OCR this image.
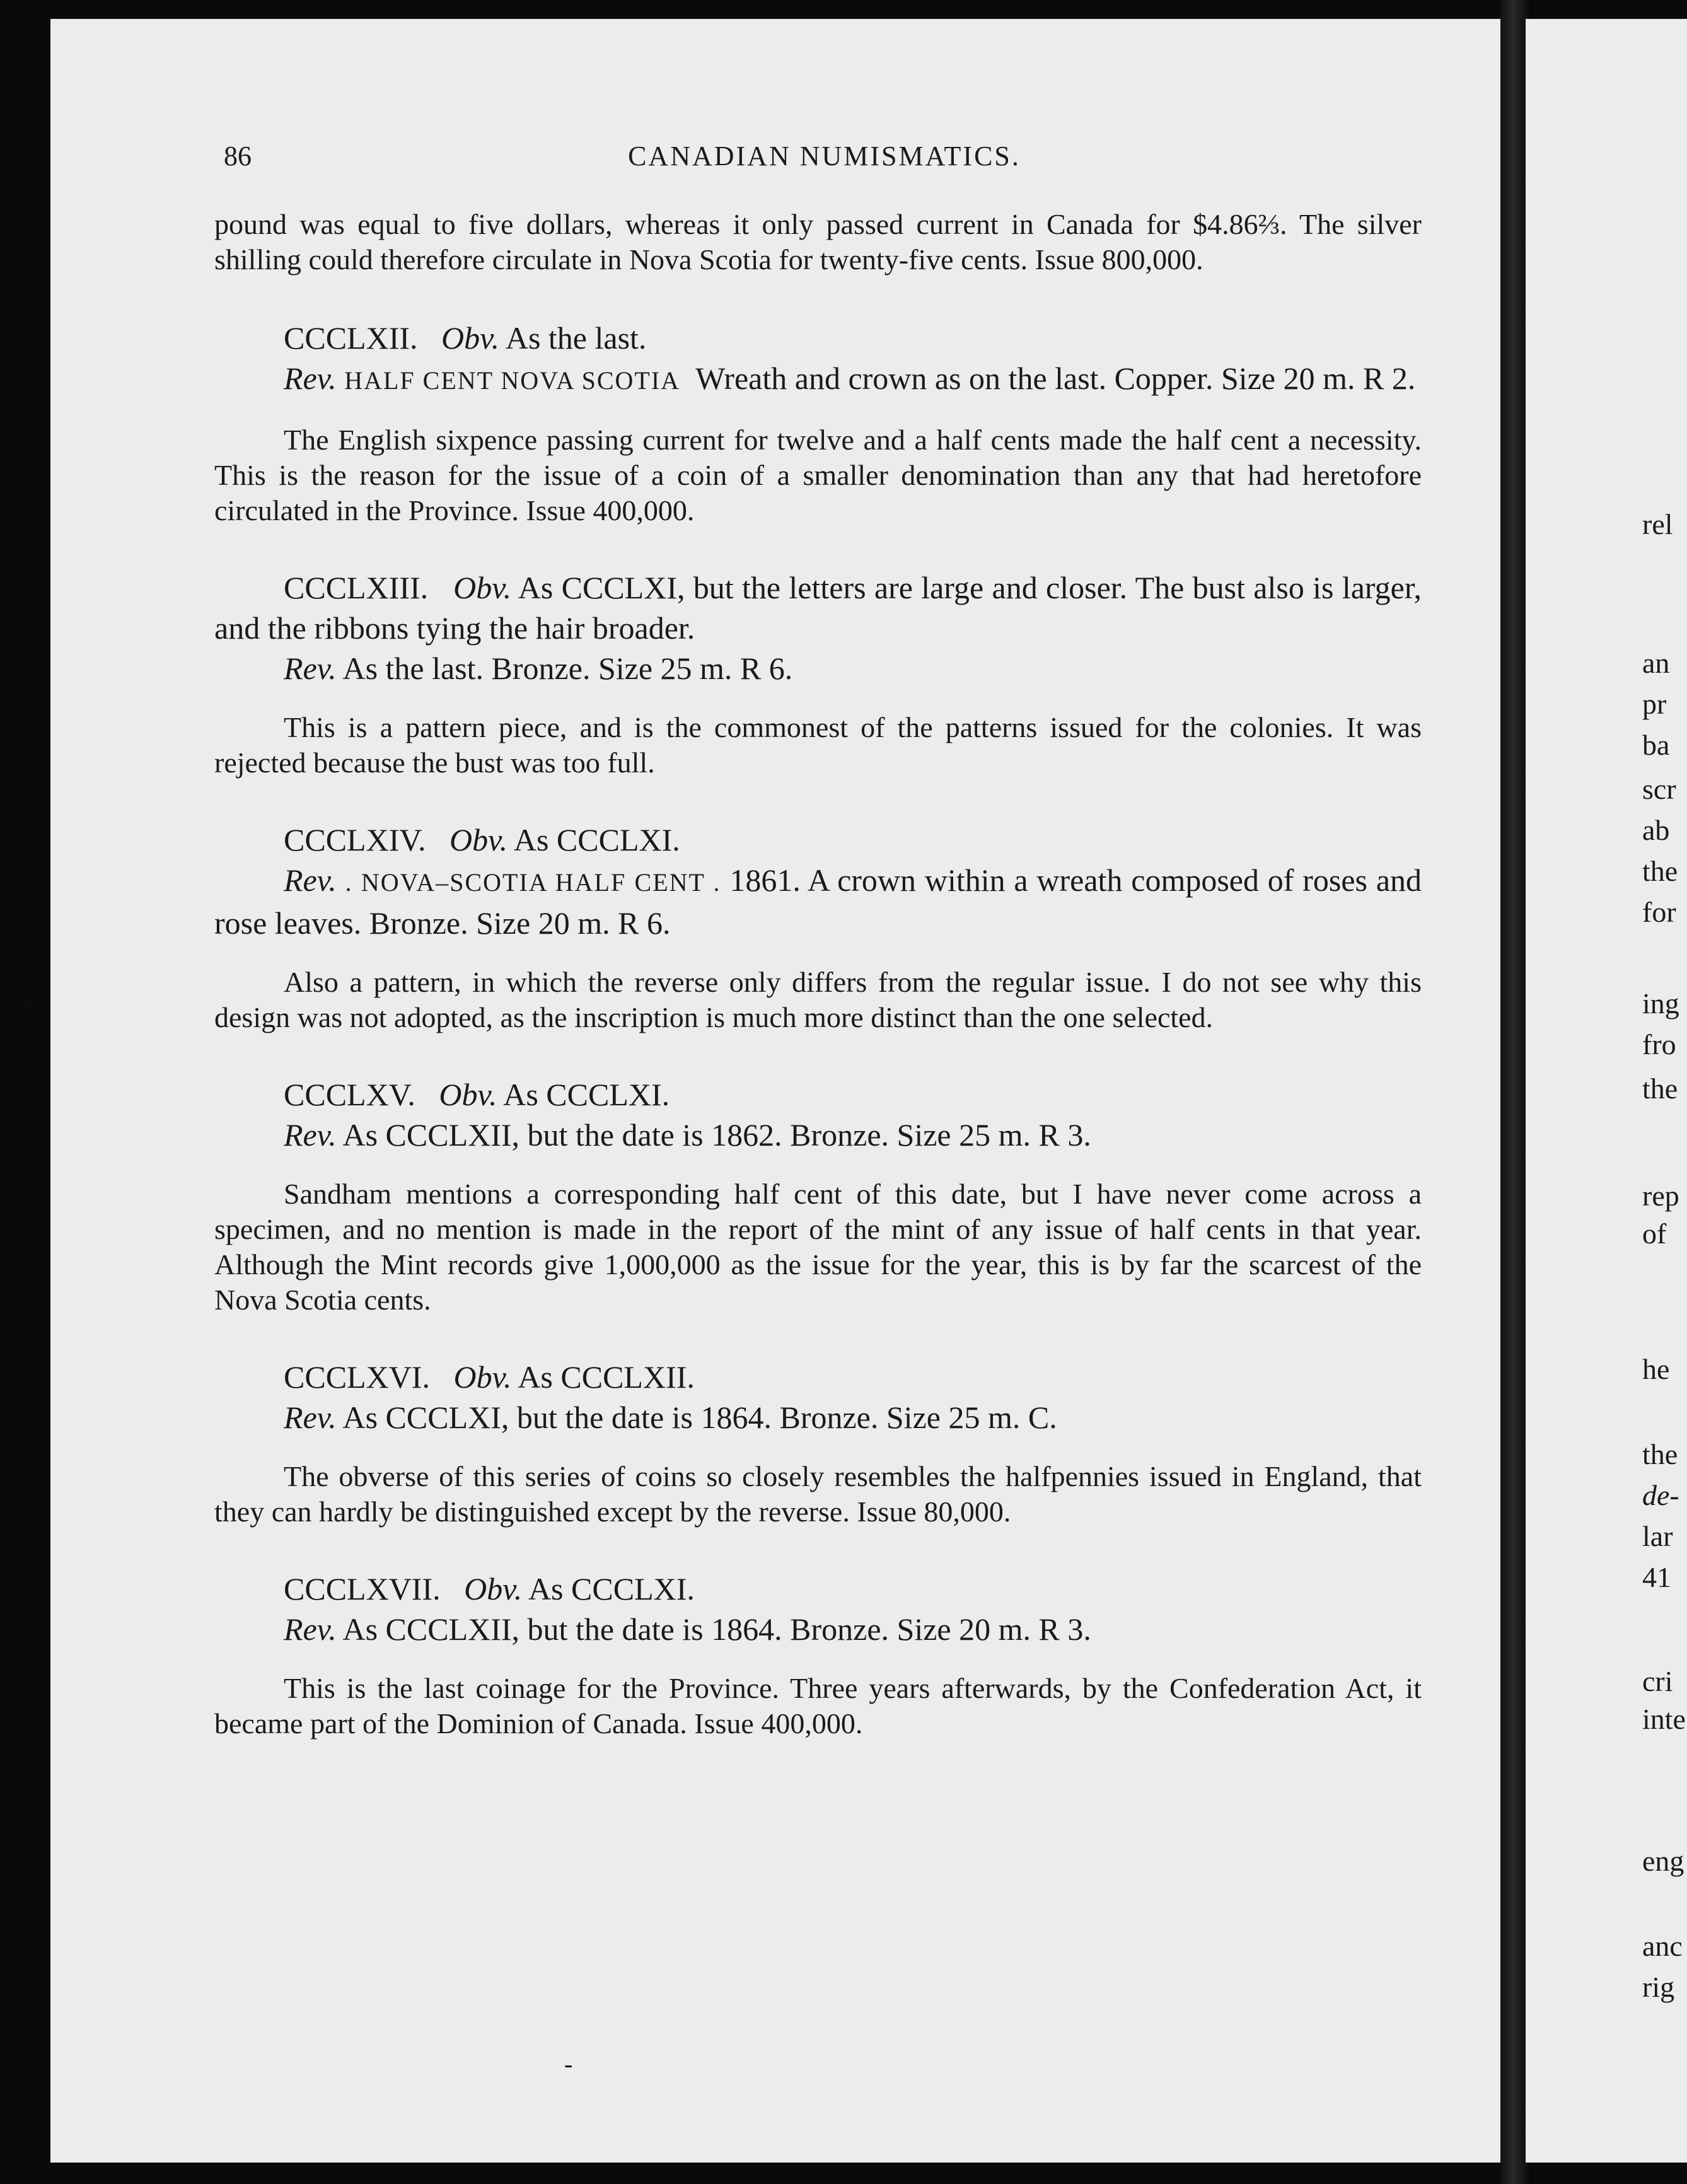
rel
an
pr
ba
scr
ab
the
for
ing
fro
the
rep
of
he
the
de-
lar
41
cri
inte
eng
anc
rig
·
-
86	CANADIAN NUMISMATICS.

pound was equal to five dollars, whereas it only passed current in Canada for $4.86⅔. The silver shilling could therefore circulate in Nova Scotia for twenty-five cents. Issue 800,000.

CCCLXII. Obv. As the last.

Rev. HALF CENT NOVA SCOTIA Wreath and crown as on the last. Copper. Size 20 m. R 2.

The English sixpence passing current for twelve and a half cents made the half cent a necessity. This is the reason for the issue of a coin of a smaller denomination than any that had heretofore circulated in the Province. Issue 400,000.

CCCLXIII. Obv. As CCCLXI, but the letters are large and closer. The bust also is larger, and the ribbons tying the hair broader.

Rev. As the last. Bronze. Size 25 m. R 6.

This is a pattern piece, and is the commonest of the patterns issued for the colonies. It was rejected because the bust was too full.

CCCLXIV. Obv. As CCCLXI.

Rev. . NOVA–SCOTIA HALF CENT . 1861. A crown within a wreath composed of roses and rose leaves. Bronze. Size 20 m. R 6.

Also a pattern, in which the reverse only differs from the regular issue. I do not see why this design was not adopted, as the inscription is much more distinct than the one selected.

CCCLXV. Obv. As CCCLXI.

Rev. As CCCLXII, but the date is 1862. Bronze. Size 25 m. R 3.

Sandham mentions a corresponding half cent of this date, but I have never come across a specimen, and no mention is made in the report of the mint of any issue of half cents in that year. Although the Mint records give 1,000,000 as the issue for the year, this is by far the scarcest of the Nova Scotia cents.

CCCLXVI. Obv. As CCCLXII.

Rev. As CCCLXI, but the date is 1864. Bronze. Size 25 m. C.

The obverse of this series of coins so closely resembles the halfpennies issued in England, that they can hardly be distinguished except by the reverse. Issue 80,000.

CCCLXVII. Obv. As CCCLXI.

Rev. As CCCLXII, but the date is 1864. Bronze. Size 20 m. R 3.

This is the last coinage for the Province. Three years afterwards, by the Confederation Act, it became part of the Dominion of Canada. Issue 400,000.
